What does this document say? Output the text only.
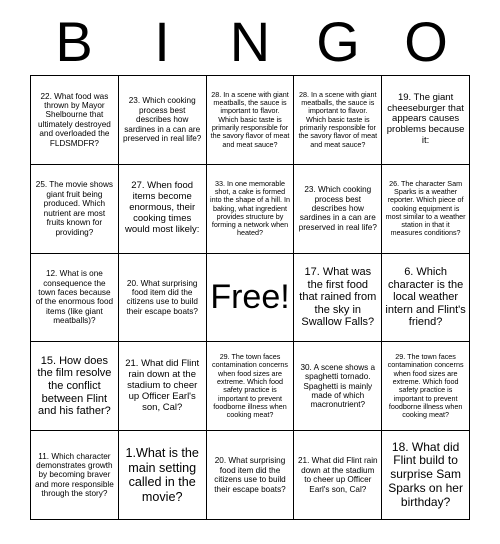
B	I	N G O
22. What food was thrown by Mayor Shelbourne that ultimately destroyed and overloaded the FLDSMDFR?
23. Which cooking process best describes how sardines in a can are preserved in real life?
28. In a scene with giant meatballs, the sauce is important to flavor. Which basic taste is primarily responsible for the savory flavor of meat and meat sauce?
28. In a scene with giant meatballs, the sauce is important to flavor. Which basic taste is primarily responsible for the savory flavor of meat and meat sauce?
19. The giant cheeseburger that appears causes problems because it:
25. The movie shows giant fruit being produced. Which nutrient are most fruits known for providing?
27. When food items become enormous, their cooking times would most likely:
33. In one memorable shot, a cake is formed into the shape of a hill. In baking, what ingredient provides structure by forming a network when heated?
23. Which cooking process best describes how sardines in a can are preserved in real life?
26. The character Sam Sparks is a weather reporter. Which piece of cooking equipment is most similar to a weather station in that it measures conditions?
12. What is one consequence the town faces because of the enormous food items (like giant meatballs)?
20. What surprising food item did the citizens use to build their escape boats? Free!
17. What was the first food that rained from the sky in Swallow Falls?
6. Which character is the local weather intern and Flint's friend?
15. How does the film resolve the conflict between Flint and his father?
21. What did Flint rain down at the stadium to cheer up Officer Earl's son, Cal?
29. The town faces contamination concerns when food sizes are extreme. Which food safety practice is important to prevent foodborne illness when cooking meat?
30. A scene shows a spaghetti tornado. Spaghetti is mainly made of which macronutrient?
29. The town faces contamination concerns when food sizes are extreme. Which food safety practice is important to prevent foodborne illness when cooking meat?
11. Which character demonstrates growth by becoming braver and more responsible through the story?
1.What is the main setting called in the movie?
20. What surprising food item did the citizens use to build their escape boats?
21. What did Flint rain down at the stadium to cheer up Officer Earl's son, Cal?
18. What did Flint build to surprise Sam Sparks on her birthday?
